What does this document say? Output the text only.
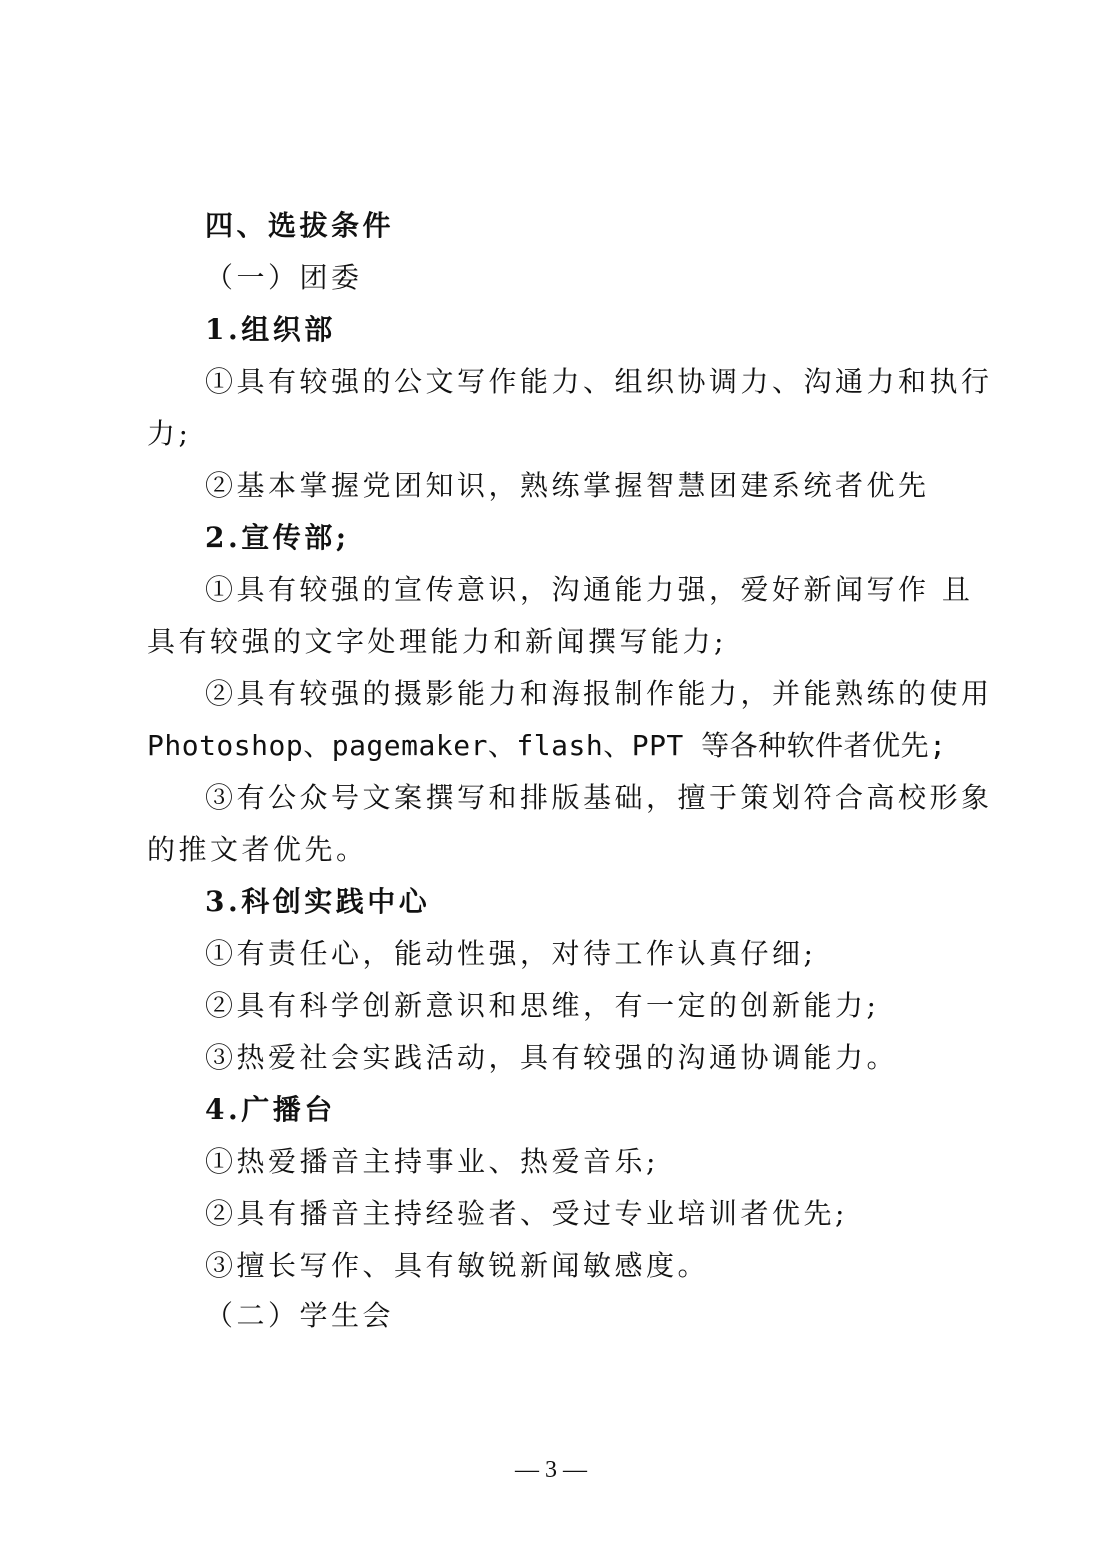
四、选拔条件
（一）团委
1.组织部
①具有较强的公文写作能力、组织协调力、沟通力和执行
力;
②基本掌握党团知识，熟练掌握智慧团建系统者优先
2.宣传部;
①具有较强的宣传意识，沟通能力强，爱好新闻写作 且
具有较强的文字处理能力和新闻撰写能力;
②具有较强的摄影能力和海报制作能力，并能熟练的使用
Photoshop、pagemaker、flash、PPT 等各种软件者优先;
③有公众号文案撰写和排版基础，擅于策划符合高校形象
的推文者优先。
3.科创实践中心
①有责任心，能动性强，对待工作认真仔细;
②具有科学创新意识和思维，有一定的创新能力;
③热爱社会实践活动，具有较强的沟通协调能力。
4.广播台
①热爱播音主持事业、热爱音乐;
②具有播音主持经验者、受过专业培训者优先;
③擅长写作、具有敏锐新闻敏感度。
（二）学生会
— 3 —
